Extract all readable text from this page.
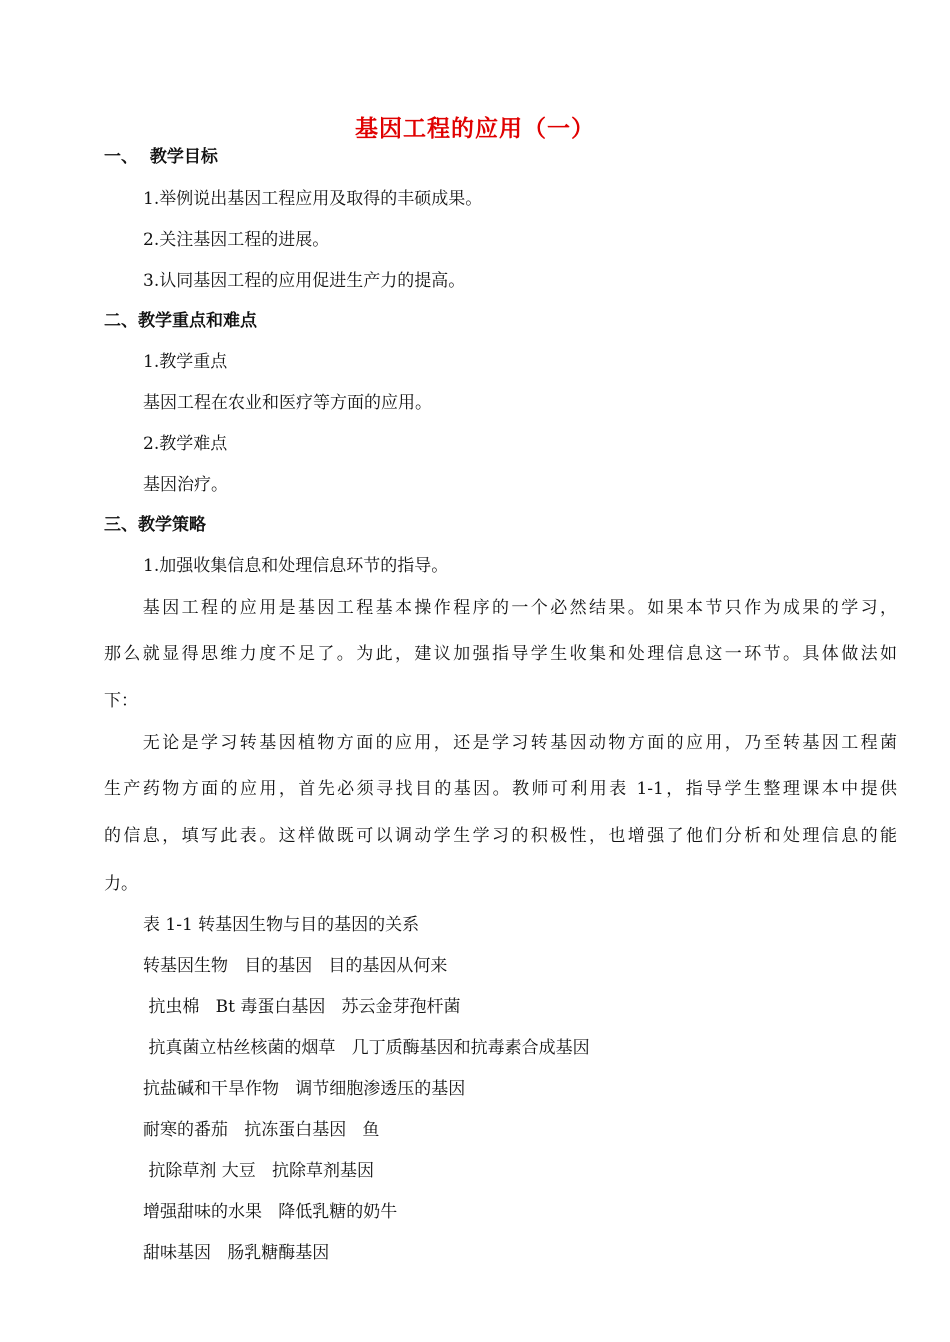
基因工程的应用（一）
一、  教学目标
1.举例说出基因工程应用及取得的丰硕成果。
2.关注基因工程的进展。
3.认同基因工程的应用促进生产力的提高。
二、教学重点和难点
1.教学重点
基因工程在农业和医疗等方面的应用。
2.教学难点
基因治疗。
三、教学策略
1.加强收集信息和处理信息环节的指导。
　　基因工程的应用是基因工程基本操作程序的一个必然结果。如果本节只作为成果的学习，
那么就显得思维力度不足了。为此，建议加强指导学生收集和处理信息这一环节。具体做法如
下：
　　无论是学习转基因植物方面的应用，还是学习转基因动物方面的应用，乃至转基因工程菌
生产药物方面的应用，首先必须寻找目的基因。教师可利用表 1-1，指导学生整理课本中提供
的信息，填写此表。这样做既可以调动学生学习的积极性，也增强了他们分析和处理信息的能
力。
表 1-1 转基因生物与目的基因的关系
转基因生物   目的基因   目的基因从何来
抗虫棉   Bt 毒蛋白基因   苏云金芽孢杆菌
抗真菌立枯丝核菌的烟草   几丁质酶基因和抗毒素合成基因
抗盐碱和干旱作物   调节细胞渗透压的基因
耐寒的番茄   抗冻蛋白基因   鱼
抗除草剂 大豆   抗除草剂基因
增强甜味的水果   降低乳糖的奶牛
甜味基因   肠乳糖酶基因
